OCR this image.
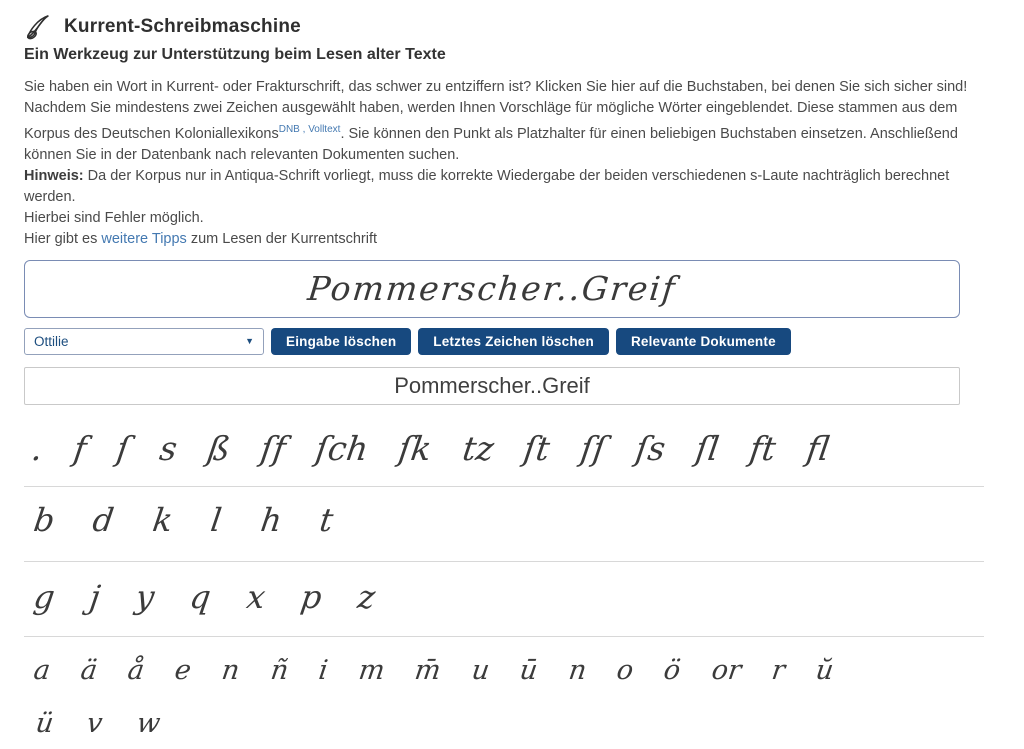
Kurrent-Schreibmaschine
Ein Werkzeug zur Unterstützung beim Lesen alter Texte
Sie haben ein Wort in Kurrent- oder Frakturschrift, das schwer zu entziffern ist? Klicken Sie hier auf die Buchstaben, bei denen Sie sich sicher sind! Nachdem Sie mindestens zwei Zeichen ausgewählt haben, werden Ihnen Vorschläge für mögliche Wörter eingeblendet. Diese stammen aus dem Korpus des Deutschen Koloniallexikons$^{DNB , Volltext}$. Sie können den Punkt als Platzhalter für einen beliebigen Buchstaben einsetzen. Anschließend können Sie in der Datenbank nach relevanten Dokumenten suchen.
Hinweis: Da der Korpus nur in Antiqua-Schrift vorliegt, muss die korrekte Wiedergabe der beiden verschiedenen s-Laute nachträglich berechnet werden.
Hierbei sind Fehler möglich.
Hier gibt es weitere Tipps zum Lesen der Kurrentschrift
Pommerscher..Greif
Ottilie	▼	Eingabe löschen	Letztes Zeichen löschen	Relevante Dokumente
Pommerscher..Greif
. f ſ s ß ſf ſch ſk tz ſt ſſ ſs ſl ft fl
b d k l h t
g j y q x p z
a ä å e n ñ i m m̄ u ū n o ö or r ŭ
ü v w
